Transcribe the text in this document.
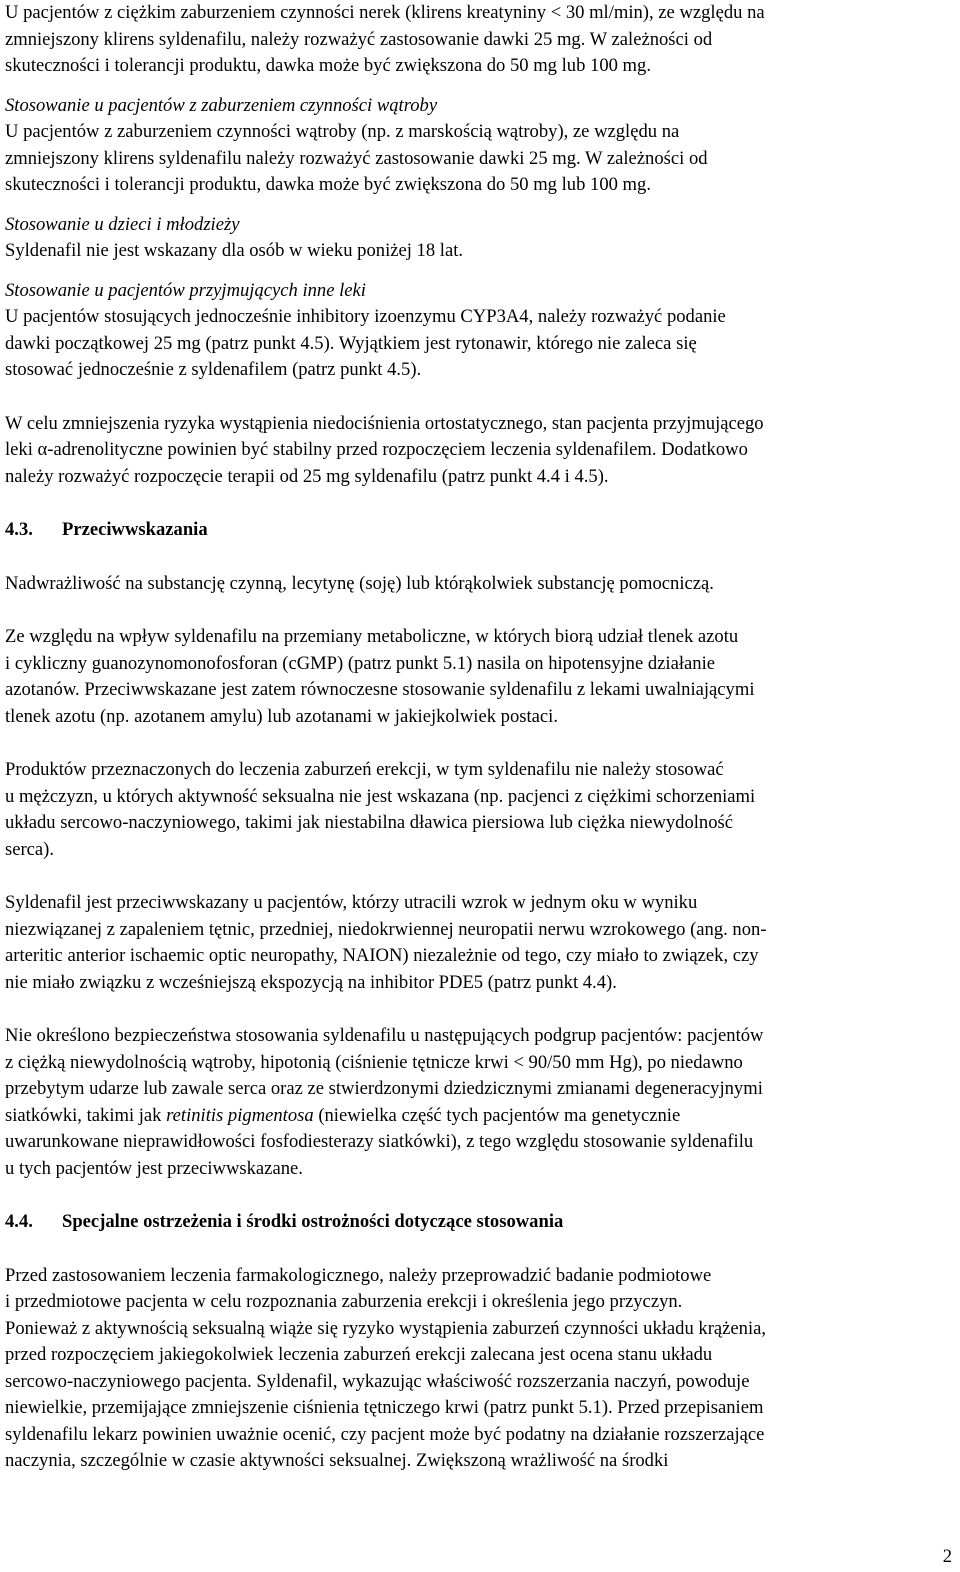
U pacjentów z ciężkim zaburzeniem czynności nerek (klirens kreatyniny < 30 ml/min), ze względu na
zmniejszony klirens syldenafilu, należy rozważyć zastosowanie dawki 25 mg. W zależności od
skuteczności i tolerancji produktu, dawka może być zwiększona do 50 mg lub 100 mg.
Stosowanie u pacjentów z zaburzeniem czynności wątroby
U pacjentów z zaburzeniem czynności wątroby (np. z marskością wątroby), ze względu na
zmniejszony klirens syldenafilu należy rozważyć zastosowanie dawki 25 mg. W zależności od
skuteczności i tolerancji produktu, dawka może być zwiększona do 50 mg lub 100 mg.
Stosowanie u dzieci i młodzieży
Syldenafil nie jest wskazany dla osób w wieku poniżej 18 lat.
Stosowanie u pacjentów przyjmujących inne leki
U pacjentów stosujących jednocześnie inhibitory izoenzymu CYP3A4, należy rozważyć podanie
dawki początkowej 25 mg (patrz punkt 4.5). Wyjątkiem jest rytonawir, którego nie zaleca się
stosować jednocześnie z syldenafilem (patrz punkt 4.5).
W celu zmniejszenia ryzyka wystąpienia niedociśnienia ortostatycznego, stan pacjenta przyjmującego
leki α-adrenolityczne powinien być stabilny przed rozpoczęciem leczenia syldenafilem. Dodatkowo
należy rozważyć rozpoczęcie terapii od 25 mg syldenafilu (patrz punkt 4.4 i 4.5).
4.3. Przeciwwskazania
Nadwrażliwość na substancję czynną, lecytynę (soję) lub którąkolwiek substancję pomocniczą.
Ze względu na wpływ syldenafilu na przemiany metaboliczne, w których biorą udział tlenek azotu
i cykliczny guanozynomonofosforan (cGMP) (patrz punkt 5.1) nasila on hipotensyjne działanie
azotanów. Przeciwwskazane jest zatem równoczesne stosowanie syldenafilu z lekami uwalniającymi
tlenek azotu (np. azotanem amylu) lub azotanami w jakiejkolwiek postaci.
Produktów przeznaczonych do leczenia zaburzeń erekcji, w tym syldenafilu nie należy stosować
u mężczyzn, u których aktywność seksualna nie jest wskazana (np. pacjenci z ciężkimi schorzeniami
układu sercowo-naczyniowego, takimi jak niestabilna dławica piersiowa lub ciężka niewydolność
serca).
Syldenafil jest przeciwwskazany u pacjentów, którzy utracili wzrok w jednym oku w wyniku
niezwiązanej z zapaleniem tętnic, przedniej, niedokrwiennej neuropatii nerwu wzrokowego (ang. non-
arteritic anterior ischaemic optic neuropathy, NAION) niezależnie od tego, czy miało to związek, czy
nie miało związku z wcześniejszą ekspozycją na inhibitor PDE5 (patrz punkt 4.4).
Nie określono bezpieczeństwa stosowania syldenafilu u następujących podgrup pacjentów: pacjentów
z ciężką niewydolnością wątroby, hipotonią (ciśnienie tętnicze krwi < 90/50 mm Hg), po niedawno
przebytym udarze lub zawale serca oraz ze stwierdzonymi dziedzicznymi zmianami degeneracyjnymi
siatkówki, takimi jak retinitis pigmentosa (niewielka część tych pacjentów ma genetycznie
uwarunkowane nieprawidłowości fosfodiesterazy siatkówki), z tego względu stosowanie syldenafilu
u tych pacjentów jest przeciwwskazane.
4.4. Specjalne ostrzeżenia i środki ostrożności dotyczące stosowania
Przed zastosowaniem leczenia farmakologicznego, należy przeprowadzić badanie podmiotowe
i przedmiotowe pacjenta w celu rozpoznania zaburzenia erekcji i określenia jego przyczyn.
Ponieważ z aktywnością seksualną wiąże się ryzyko wystąpienia zaburzeń czynności układu krążenia,
przed rozpoczęciem jakiegokolwiek leczenia zaburzeń erekcji zalecana jest ocena stanu układu
sercowo-naczyniowego pacjenta. Syldenafil, wykazując właściwość rozszerzania naczyń, powoduje
niewielkie, przemijające zmniejszenie ciśnienia tętniczego krwi (patrz punkt 5.1). Przed przepisaniem
syldenafilu lekarz powinien uważnie ocenić, czy pacjent może być podatny na działanie rozszerzające
naczynia, szczególnie w czasie aktywności seksualnej. Zwiększoną wrażliwość na środki
2
